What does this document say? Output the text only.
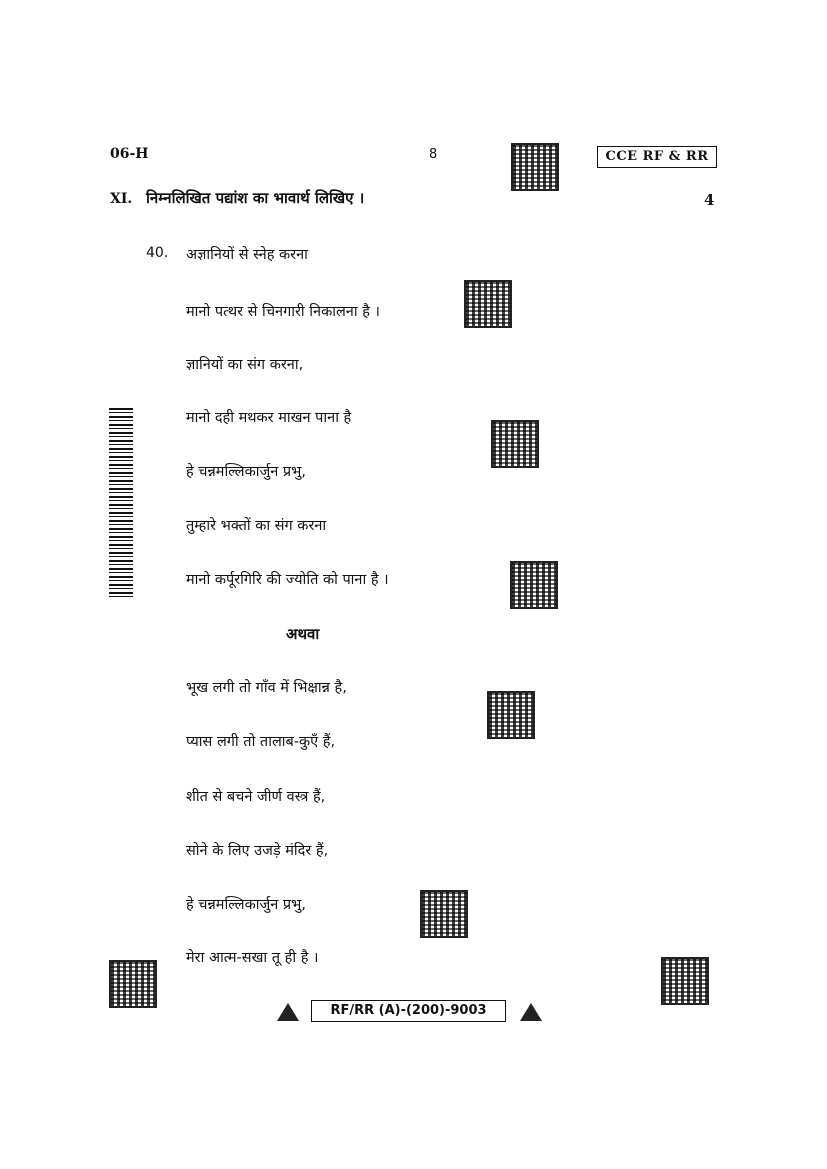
06-H	8	CCE RF & RR
XI. निम्नलिखित पद्यांश का भावार्थ लिखिए ।	4
40. अज्ञानियों से स्नेह करना
मानो पत्थर से चिनगारी निकालना है ।
ज्ञानियों का संग करना,
मानो दही मथकर माखन पाना है
हे चन्नमल्लिकार्जुन प्रभु,
तुम्हारे भक्तों का संग करना
मानो कर्पूरगिरि की ज्योति को पाना है ।
अथवा
भूख लगी तो गाँव में भिक्षान्न है,
प्यास लगी तो तालाब-कुएँ हैं,
शीत से बचने जीर्ण वस्त्र हैं,
सोने के लिए उजड़े मंदिर हैं,
हे चन्नमल्लिकार्जुन प्रभु,
मेरा आत्म-सखा तू ही है ।
RF/RR (A)-(200)-9003
